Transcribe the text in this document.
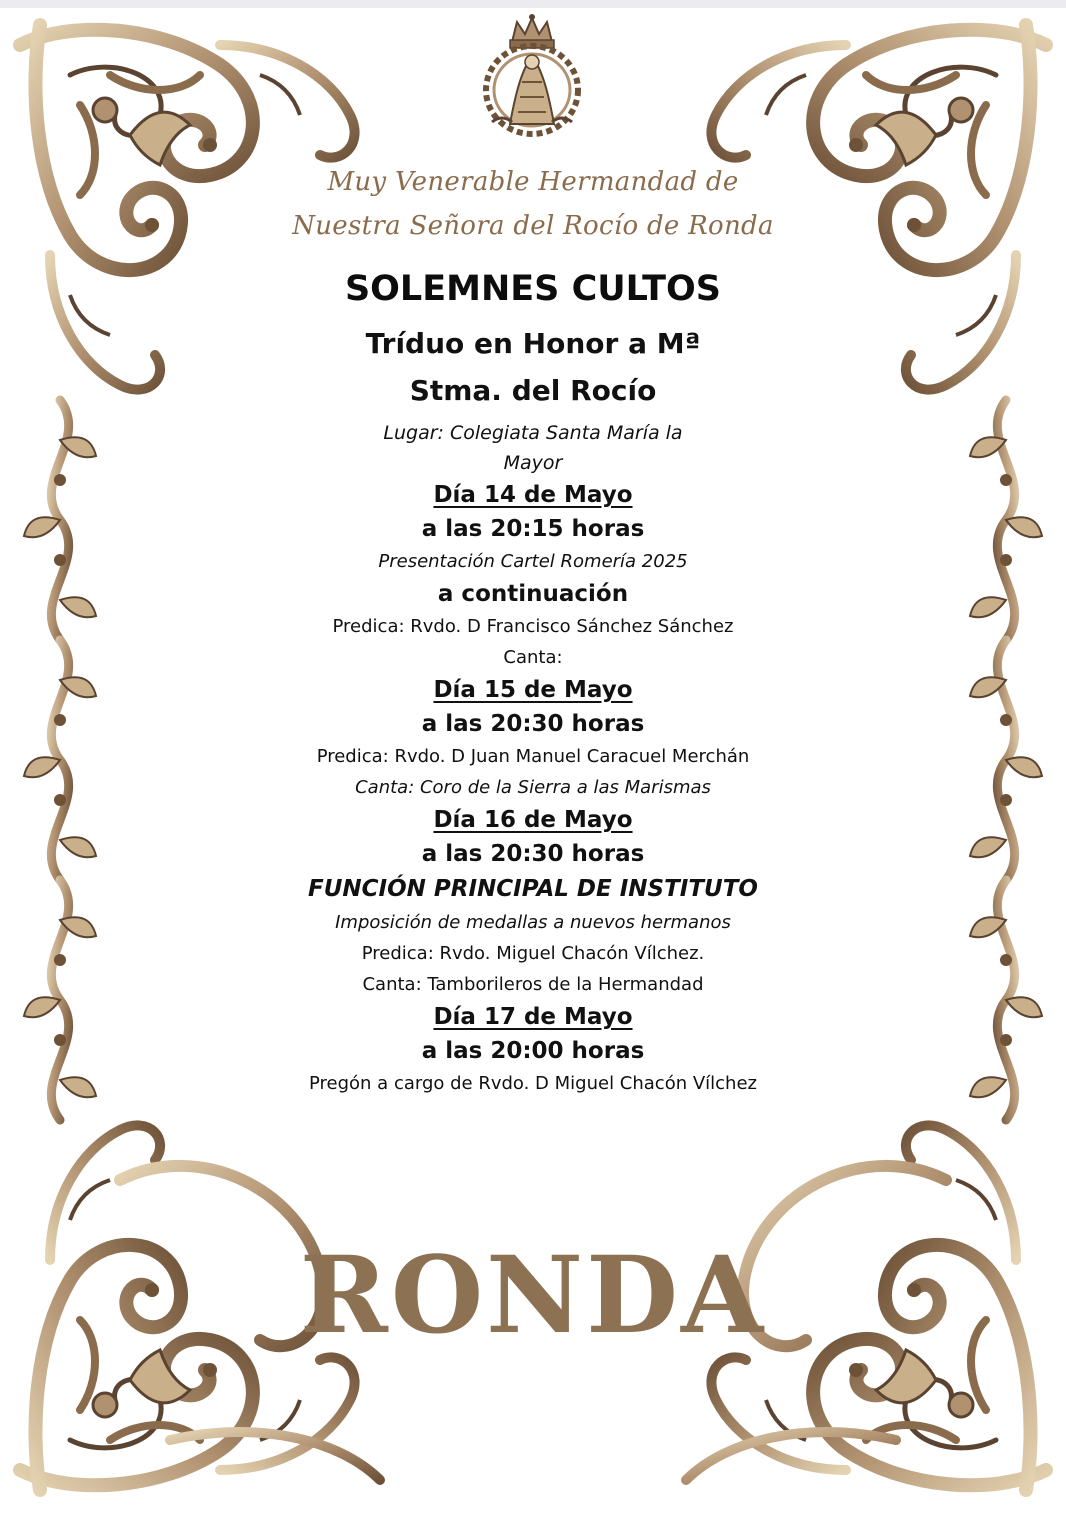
Muy Venerable Hermandad de
Nuestra Señora del Rocío de Ronda
SOLEMNES CULTOS
Tríduo en Honor a Mª
Stma. del Rocío
Lugar: Colegiata Santa María la
Mayor
Día 14 de Mayo
a las 20:15 horas
Presentación Cartel Romería 2025
a continuación
Predica: Rvdo. D Francisco Sánchez Sánchez
Canta:
Día 15 de Mayo
a las 20:30 horas
Predica: Rvdo. D Juan Manuel Caracuel Merchán
Canta: Coro de la Sierra a las Marismas
Día 16 de Mayo
a las 20:30 horas
FUNCIÓN PRINCIPAL DE INSTITUTO
Imposición de medallas a nuevos hermanos
Predica: Rvdo. Miguel Chacón Vílchez.
Canta: Tamborileros de la Hermandad
Día 17 de Mayo
a las 20:00 horas
Pregón a cargo de Rvdo. D Miguel Chacón Vílchez
RONDA
